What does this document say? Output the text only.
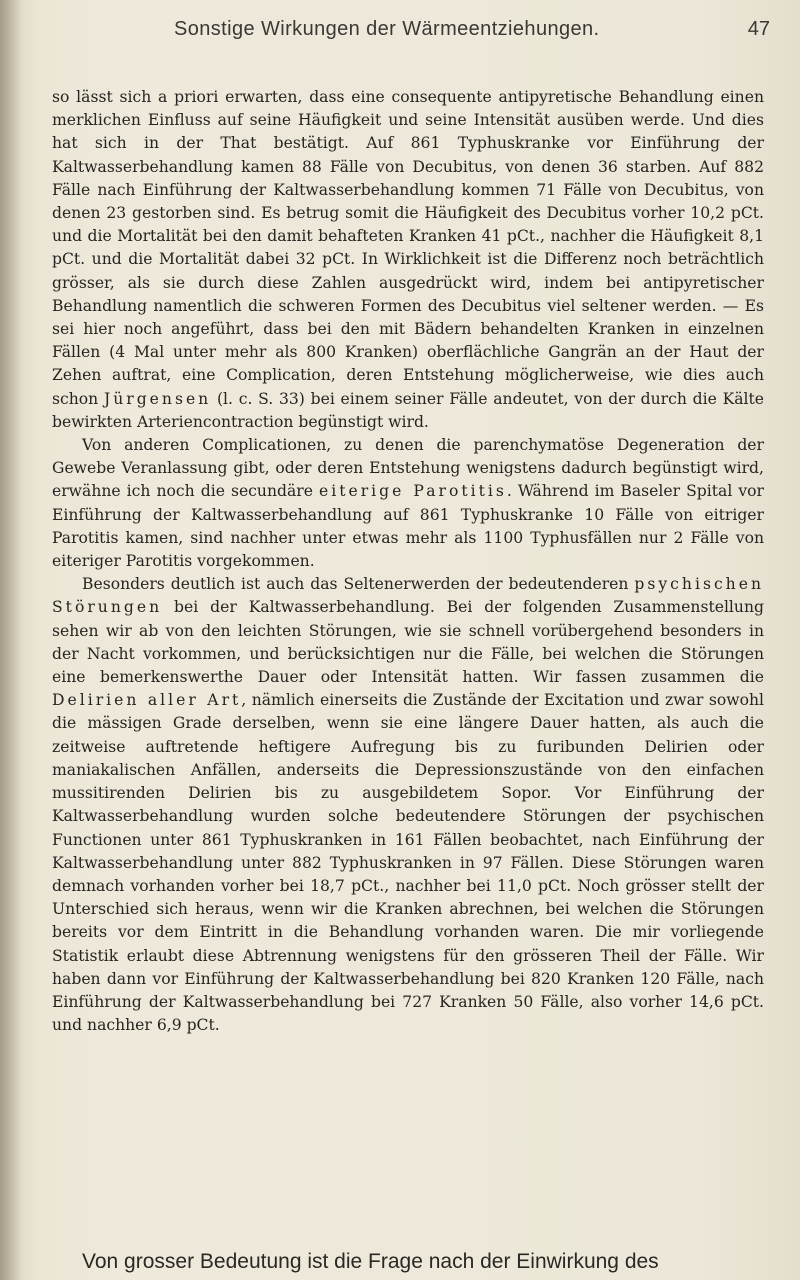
Sonstige Wirkungen der Wärmeentziehungen.	47

so lässt sich a priori erwarten, dass eine consequente antipyretische Behandlung einen merklichen Einfluss auf seine Häufigkeit und seine Intensität ausüben werde. Und dies hat sich in der That bestätigt. Auf 861 Typhuskranke vor Einführung der Kaltwasserbehandlung kamen 88 Fälle von Decubitus, von denen 36 starben. Auf 882 Fälle nach Einführung der Kaltwasserbehandlung kommen 71 Fälle von Decubitus, von denen 23 gestorben sind. Es betrug somit die Häufigkeit des Decubitus vorher 10,2 pCt. und die Mortalität bei den damit behafteten Kranken 41 pCt., nachher die Häufigkeit 8,1 pCt. und die Mortalität dabei 32 pCt. In Wirklichkeit ist die Differenz noch beträchtlich grösser, als sie durch diese Zahlen ausgedrückt wird, indem bei antipyretischer Behandlung namentlich die schweren Formen des Decubitus viel seltener werden. — Es sei hier noch angeführt, dass bei den mit Bädern behandelten Kranken in einzelnen Fällen (4 Mal unter mehr als 800 Kranken) oberflächliche Gangrän an der Haut der Zehen auftrat, eine Complication, deren Entstehung möglicherweise, wie dies auch schon Jürgensen (l. c. S. 33) bei einem seiner Fälle andeutet, von der durch die Kälte bewirkten Arteriencontraction begünstigt wird.

Von anderen Complicationen, zu denen die parenchymatöse Degeneration der Gewebe Veranlassung gibt, oder deren Entstehung wenigstens dadurch begünstigt wird, erwähne ich noch die secundäre eiterige Parotitis. Während im Baseler Spital vor Einführung der Kaltwasserbehandlung auf 861 Typhuskranke 10 Fälle von eitriger Parotitis kamen, sind nachher unter etwas mehr als 1100 Typhusfällen nur 2 Fälle von eiteriger Parotitis vorgekommen.

Besonders deutlich ist auch das Seltenerwerden der bedeutenderen psychischen Störungen bei der Kaltwasserbehandlung. Bei der folgenden Zusammenstellung sehen wir ab von den leichten Störungen, wie sie schnell vorübergehend besonders in der Nacht vorkommen, und berücksichtigen nur die Fälle, bei welchen die Störungen eine bemerkenswerthe Dauer oder Intensität hatten. Wir fassen zusammen die Delirien aller Art, nämlich einerseits die Zustände der Excitation und zwar sowohl die mässigen Grade derselben, wenn sie eine längere Dauer hatten, als auch die zeitweise auftretende heftigere Aufregung bis zu furibunden Delirien oder maniakalischen Anfällen, anderseits die Depressionszustände von den einfachen mussitirenden Delirien bis zu ausgebildetem Sopor. Vor Einführung der Kaltwasserbehandlung wurden solche bedeutendere Störungen der psychischen Functionen unter 861 Typhuskranken in 161 Fällen beobachtet, nach Einführung der Kaltwasserbehandlung unter 882 Typhuskranken in 97 Fällen. Diese Störungen waren demnach vorhanden vorher bei 18,7 pCt., nachher bei 11,0 pCt. Noch grösser stellt der Unterschied sich heraus, wenn wir die Kranken abrechnen, bei welchen die Störungen bereits vor dem Eintritt in die Behandlung vorhanden waren. Die mir vorliegende Statistik erlaubt diese Abtrennung wenigstens für den grösseren Theil der Fälle. Wir haben dann vor Einführung der Kaltwasserbehandlung bei 820 Kranken 120 Fälle, nach Einführung der Kaltwasserbehandlung bei 727 Kranken 50 Fälle, also vorher 14,6 pCt. und nachher 6,9 pCt.

Von grosser Bedeutung ist die Frage nach der Einwirkung des
